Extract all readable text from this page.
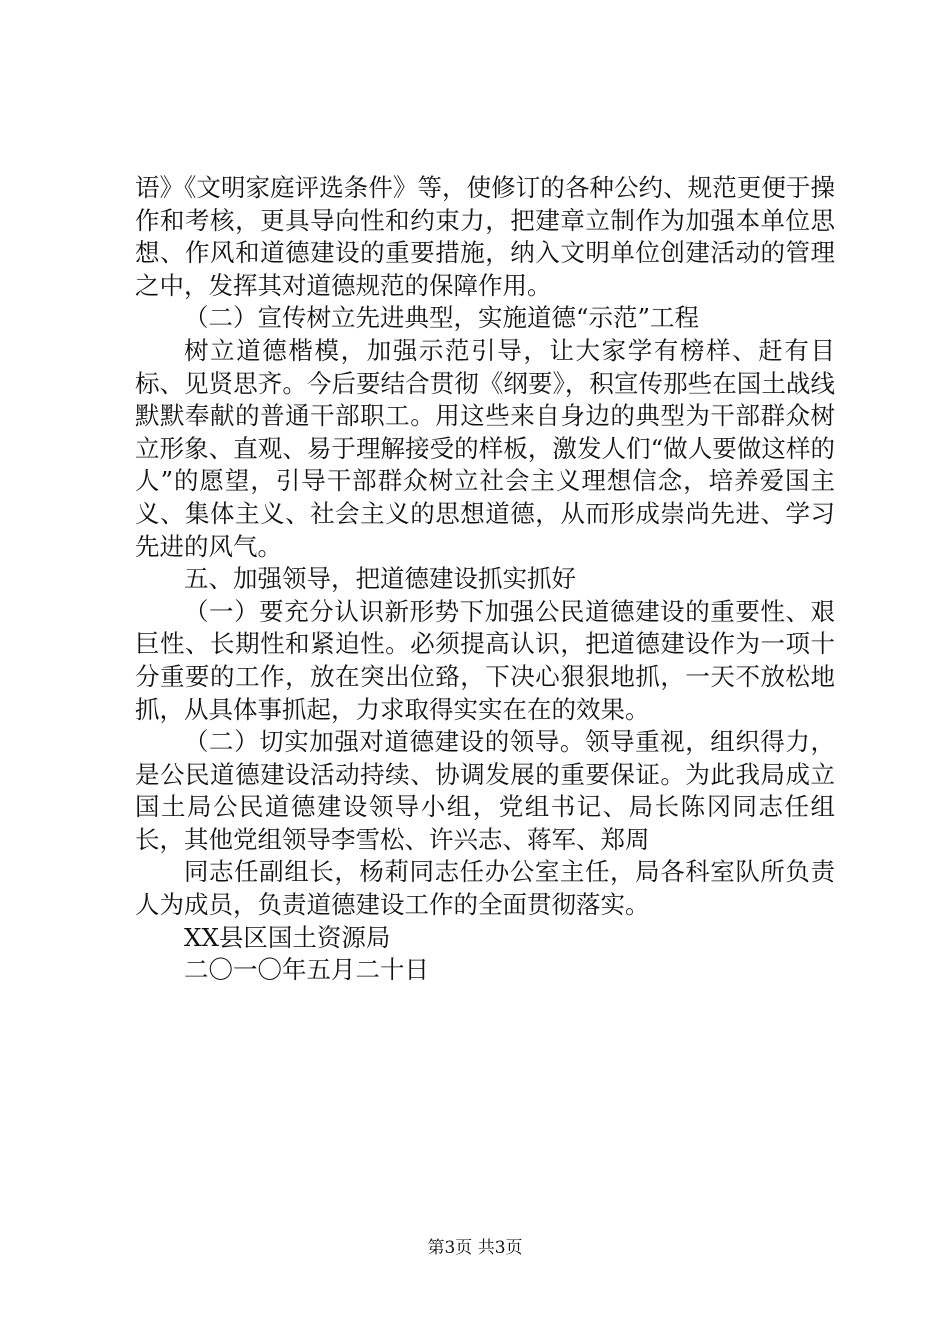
语》《文明家庭评选条件》等，使修订的各种公约、规范更便于操作和考核，更具导向性和约束力，把建章立制作为加强本单位思想、作风和道德建设的重要措施，纳入文明单位创建活动的管理之中，发挥其对道德规范的保障作用。

（二）宣传树立先进典型，实施道德“示范”工程

树立道德楷模，加强示范引导，让大家学有榜样、赶有目标、见贤思齐。今后要结合贯彻《纲要》，积宣传那些在国土战线默默奉献的普通干部职工。用这些来自身边的典型为干部群众树立形象、直观、易于理解接受的样板，激发人们“做人要做这样的人”的愿望，引导干部群众树立社会主义理想信念，培养爱国主义、集体主义、社会主义的思想道德，从而形成崇尚先进、学习先进的风气。

五、加强领导，把道德建设抓实抓好

（一）要充分认识新形势下加强公民道德建设的重要性、艰巨性、长期性和紧迫性。必须提高认识，把道德建设作为一项十分重要的工作，放在突出位臵，下决心狠狠地抓，一天不放松地抓，从具体事抓起，力求取得实实在在的效果。

（二）切实加强对道德建设的领导。领导重视，组织得力，是公民道德建设活动持续、协调发展的重要保证。为此我局成立国土局公民道德建设领导小组，党组书记、局长陈冈同志任组长，其他党组领导李雪松、许兴志、蒋军、郑周

同志任副组长，杨莉同志任办公室主任，局各科室队所负责人为成员，负责道德建设工作的全面贯彻落实。

XX县区国土资源局

二〇一〇年五月二十日

第3页 共3页
